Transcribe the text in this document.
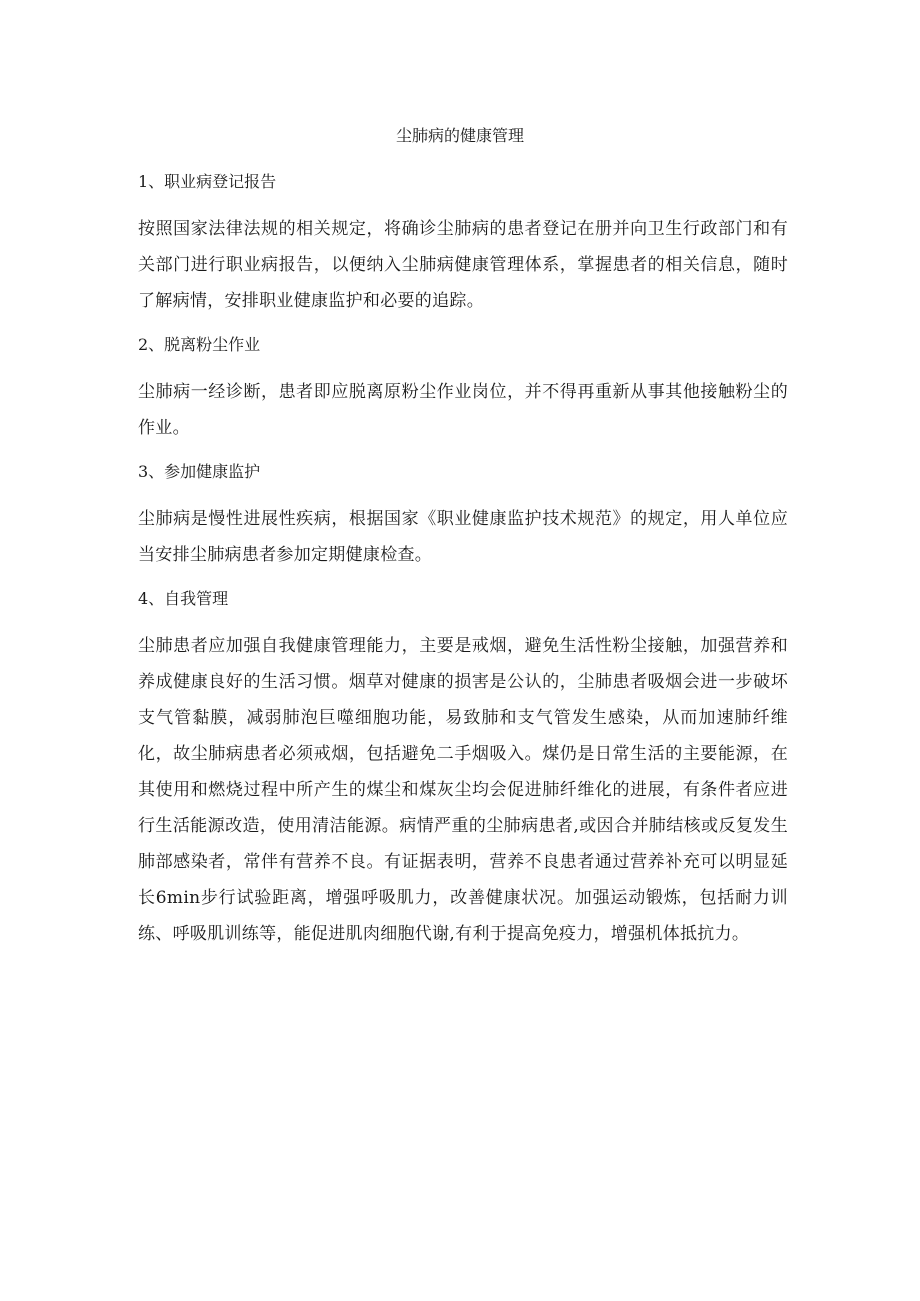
尘肺病的健康管理
1、职业病登记报告

按照国家法律法规的相关规定，将确诊尘肺病的患者登记在册并向卫生行政部门和有关部门进行职业病报告，以便纳入尘肺病健康管理体系，掌握患者的相关信息，随时了解病情，安排职业健康监护和必要的追踪。

2、脱离粉尘作业

尘肺病一经诊断，患者即应脱离原粉尘作业岗位，并不得再重新从事其他接触粉尘的作业。

3、参加健康监护

尘肺病是慢性进展性疾病，根据国家《职业健康监护技术规范》的规定，用人单位应当安排尘肺病患者参加定期健康检查。

4、自我管理

尘肺患者应加强自我健康管理能力，主要是戒烟，避免生活性粉尘接触，加强营养和养成健康良好的生活习惯。烟草对健康的损害是公认的，尘肺患者吸烟会进一步破坏支气管黏膜，减弱肺泡巨噬细胞功能，易致肺和支气管发生感染，从而加速肺纤维化，故尘肺病患者必须戒烟，包括避免二手烟吸入。煤仍是日常生活的主要能源，在其使用和燃烧过程中所产生的煤尘和煤灰尘均会促进肺纤维化的进展，有条件者应进行生活能源改造，使用清洁能源。病情严重的尘肺病患者,或因合并肺结核或反复发生肺部感染者，常伴有营养不良。有证据表明，营养不良患者通过营养补充可以明显延长6min步行试验距离，增强呼吸肌力，改善健康状况。加强运动锻炼，包括耐力训练、呼吸肌训练等，能促进肌肉细胞代谢,有利于提高免疫力，增强机体抵抗力。
